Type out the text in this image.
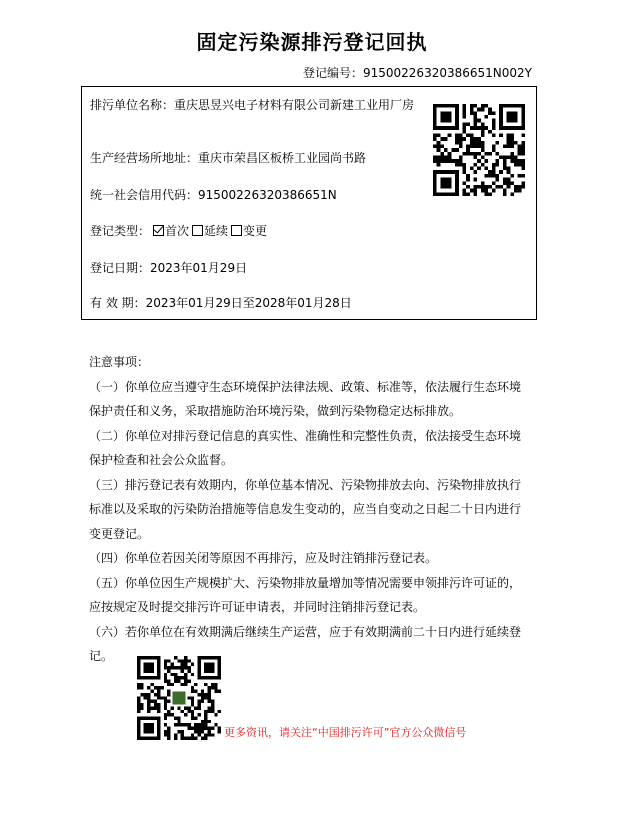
固定污染源排污登记回执
登记编号：91500226320386651N002Y
排污单位名称：重庆思昱兴电子材料有限公司新建工业用厂房
生产经营场所地址：重庆市荣昌区板桥工业园尚书路
统一社会信用代码：91500226320386651N
登记类型： 首次 延续 变更
登记日期：2023年01月29日
有 效 期：2023年01月29日至2028年01月28日
注意事项：

（一）你单位应当遵守生态环境保护法律法规、政策、标准等，依法履行生态环境保护责任和义务，采取措施防治环境污染，做到污染物稳定达标排放。

（二）你单位对排污登记信息的真实性、准确性和完整性负责，依法接受生态环境保护检查和社会公众监督。

（三）排污登记表有效期内，你单位基本情况、污染物排放去向、污染物排放执行标准以及采取的污染防治措施等信息发生变动的，应当自变动之日起二十日内进行变更登记。

（四）你单位若因关闭等原因不再排污，应及时注销排污登记表。

（五）你单位因生产规模扩大、污染物排放量增加等情况需要申领排污许可证的，应按规定及时提交排污许可证申请表，并同时注销排污登记表。

（六）若你单位在有效期满后继续生产运营，应于有效期满前二十日内进行延续登记。

更多资讯，请关注“中国排污许可”官方公众微信号
